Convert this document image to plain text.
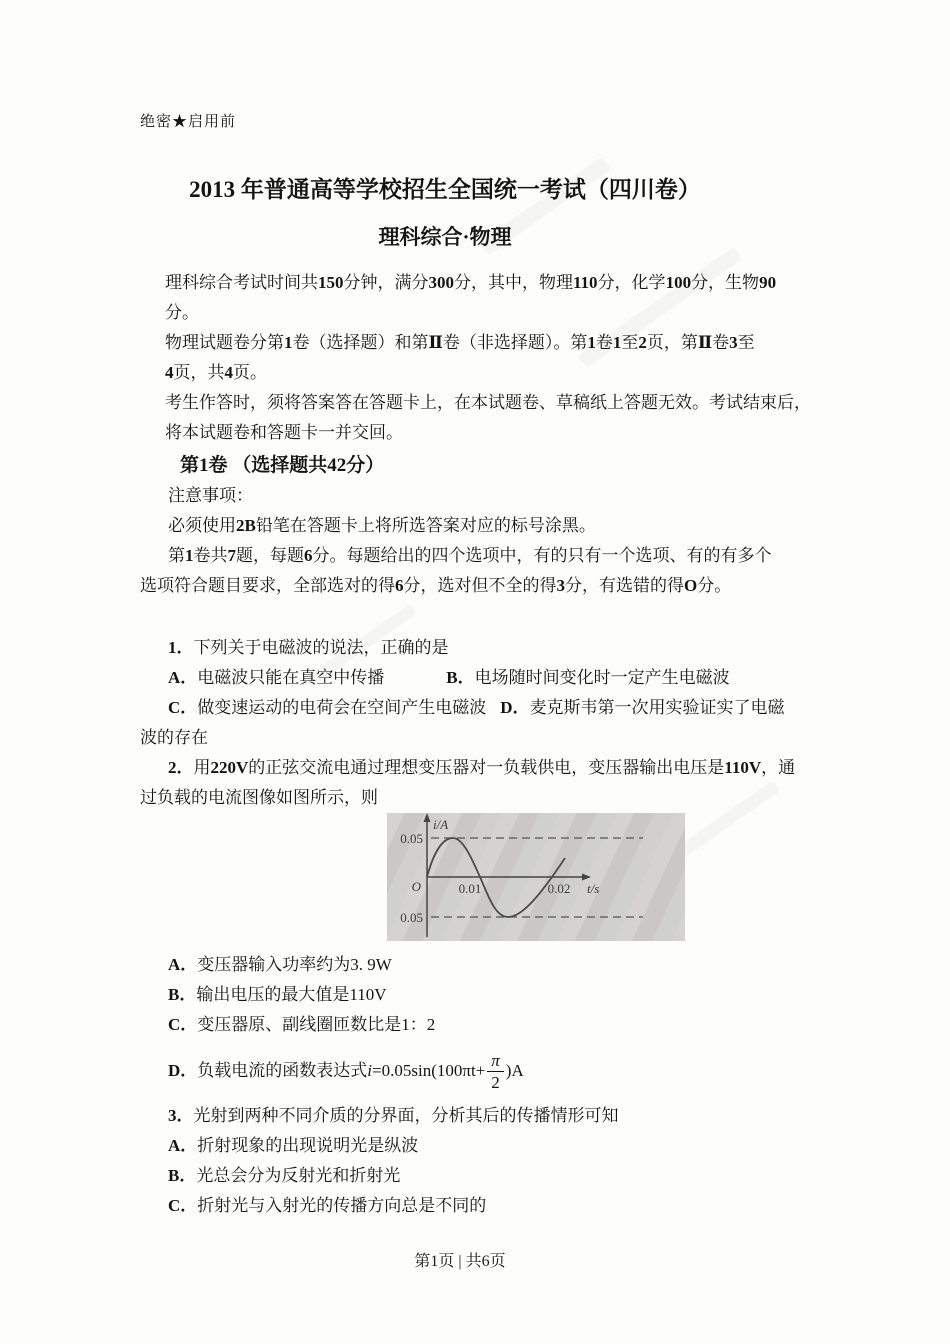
绝密★启用前
2013 年普通高等学校招生全国统一考试（四川卷）
理科综合·物理
理科综合考试时间共150分钟，满分300分，其中，物理110分，化学100分，生物90
分。
物理试题卷分第1卷（选择题）和第Ⅱ卷（非选择题）。第1卷1至2页，第Ⅱ卷3至
4页，共4页。
考生作答时，须将答案答在答题卡上，在本试题卷、草稿纸上答题无效。考试结束后，
将本试题卷和答题卡一并交回。
第1卷 （选择题共42分）
注意事项：
必须使用2B铅笔在答题卡上将所选答案对应的标号涂黑。
第1卷共7题，每题6分。每题给出的四个选项中，有的只有一个选项、有的有多个
选项符合题目要求，全部选对的得6分，选对但不全的得3分，有选错的得O分。
1．下列关于电磁波的说法，正确的是
A．电磁波只能在真空中传播	B．电场随时间变化时一定产生电磁波
C．做变速运动的电荷会在空间产生电磁波 D．麦克斯韦第一次用实验证实了电磁
波的存在
2．用220V的正弦交流电通过理想变压器对一负载供电，变压器输出电压是110V，通
过负载的电流图像如图所示，则
i/A
0.05
0.05
O	0.01	0.02 t/s
A．变压器输入功率约为3. 9W
B．输出电压的最大值是110V
C．变压器原、副线圈匝数比是1：2
D． 负载电流的函数表达式 i =0.05sin(100π $t + \frac{\pi}{2} )A$
3．光射到两种不同介质的分界面，分析其后的传播情形可知
A．折射现象的出现说明光是纵波
B．光总会分为反射光和折射光
C．折射光与入射光的传播方向总是不同的
第1页 | 共6页
